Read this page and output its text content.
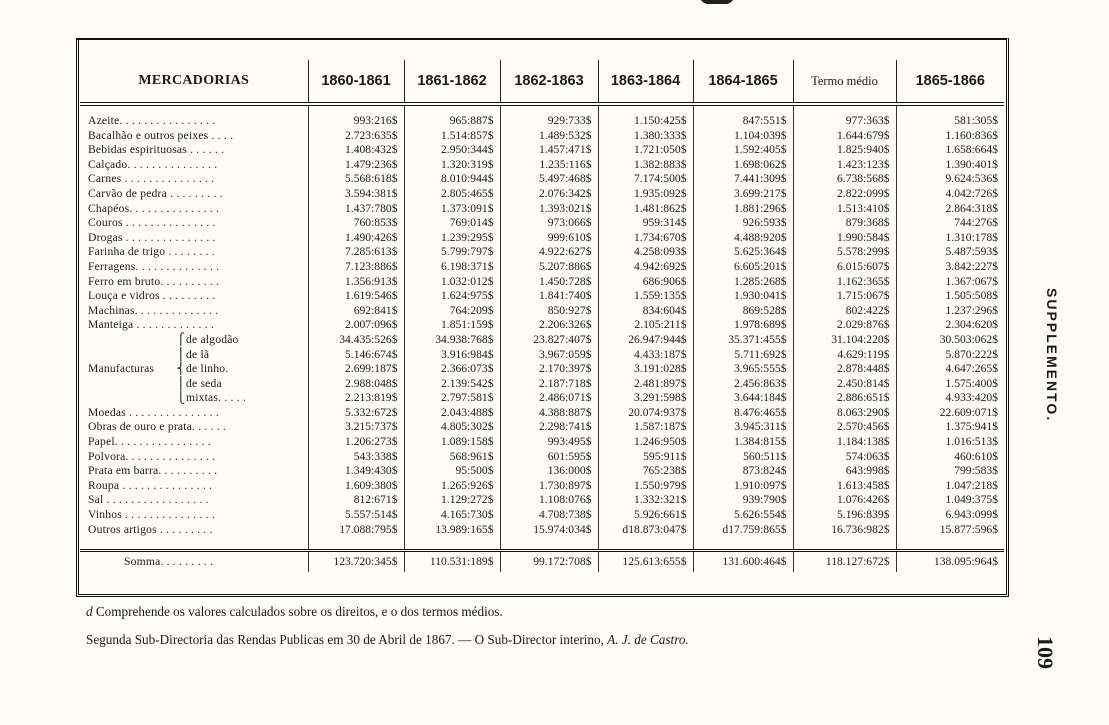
MERCADORIAS	1860-1861	1861-1862	1862-1863	1863-1864	1864-1865	Termo médio	1865-1866

Azeite. . . . . . . . . . . . . . . .	993:216$	965:887$	929:733$	1.150:425$	847:551$	977:363$	581:305$
Bacalhão e outros peixes . . . .	2.723:635$	1.514:857$	1.489:532$	1.380:333$	1.104:039$	1.644:679$	1.160:836$
Bebidas espirituosas . . . . . .	1.408:432$	2.950:344$	1.457:471$	1.721:050$	1.592:405$	1.825:940$	1.658:664$
Calçado. . . . . . . . . . . . . . .	1.479:236$	1.320:319$	1.235:116$	1.382:883$	1.698:062$	1.423:123$	1.390:401$
Carnes . . . . . . . . . . . . . . .	5.568:618$	8.010:944$	5.497:468$	7.174:500$	7.441:309$	6.738:568$	9.624:536$
Carvão de pedra . . . . . . . . .	3.594:381$	2.805:465$	2.076:342$	1.935:092$	3.699:217$	2.822:099$	4.042:726$
Chapéos. . . . . . . . . . . . . . .	1.437:780$	1.373:091$	1.393:021$	1.481:862$	1.881:296$	1.513:410$	2.864:318$
Couros . . . . . . . . . . . . . . .	760:853$	769:014$	973:066$	959:314$	926:593$	879:368$	744:276$
Drogas . . . . . . . . . . . . . . .	1.490:426$	1.239:295$	999:610$	1.734:670$	4.488:920$	1.990:584$	1.310:178$
Farinha de trigo . . . . . . . .	7.285:613$	5.799:797$	4.922:627$	4.258:093$	5.625:364$	5.578:299$	5.487:593$
Ferragens. . . . . . . . . . . . . .	7.123:886$	6.198:371$	5.207:886$	4.942:692$	6.605:201$	6.015:607$	3.842:227$
Ferro em bruto. . . . . . . . . .	1.356:913$	1.032:012$	1.450:728$	686:906$	1.285:268$	1.162:365$	1.367:067$
Louça e vidros . . . . . . . . .	1.619:546$	1.624:975$	1.841:740$	1.559:135$	1.930:041$	1.715:067$	1.505:508$
Machinas. . . . . . . . . . . . . .	692:841$	764:209$	850:927$	834:604$	869:528$	802:422$	1.237:296$
Manteiga . . . . . . . . . . . . .	2.007:096$	1.851:159$	2.206:326$	2.105:211$	1.978:689$	2.029:876$	2.304:620$
⎧de algodão	34.435:526$	34.938:768$	23.827:407$	26.947:944$	35.371:455$	31.104:220$	30.503:062$
⎪de lã	5.146:674$	3.916:984$	3.967:059$	4.433:187$	5.711:692$	4.629:119$	5.870:222$
Manufacturas ⎨de linho.	2.699:187$	2.366:073$	2.170:397$	3.191:028$	3.965:555$	2.878:448$	4.647:265$
⎪de seda	2.988:048$	2.139:542$	2.187:718$	2.481:897$	2.456:863$	2.450:814$	1.575:400$
⎩mixtas. . . . .	2.213:819$	2.797:581$	2.486:071$	3.291:598$	3.644:184$	2.886:651$	4.933:420$
Moedas . . . . . . . . . . . . . . .	5.332:672$	2.043:488$	4.388:887$	20.074:937$	8.476:465$	8.063:290$	22.609:071$
Obras de ouro e prata. . . . . .	3.215:737$	4.805:302$	2.298:741$	1.587:187$	3.945:311$	2.570:456$	1.375:941$
Papel. . . . . . . . . . . . . . . .	1.206:273$	1.089:158$	993:495$	1.246:950$	1.384:815$	1.184:138$	1.016:513$
Polvora. . . . . . . . . . . . . . .	543:338$	568:961$	601:595$	595:911$	560:511$	574:063$	460:610$
Prata em barra. . . . . . . . . .	1.349:430$	95:500$	136:000$	765:238$	873:824$	643:998$	799:583$
Roupa . . . . . . . . . . . . . . .	1.609:380$	1.265:926$	1.730:897$	1.550:979$	1.910:097$	1.613:458$	1.047:218$
Sal . . . . . . . . . . . . . . . . .	812:671$	1.129:272$	1.108:076$	1.332:321$	939:790$	1.076:426$	1.049:375$
Vinhos . . . . . . . . . . . . . . .	5.557:514$	4.165:730$	4.708:738$	5.926:661$	5.626:554$	5.196:839$	6.943:099$
Outros artigos . . . . . . . . .	17.088:795$	13.989:165$	15.974:034$	d18.873:047$	d17.759:865$	16.736:982$	15.877:596$

Somma. . . . . . . . .	123.720:345$	110.531:189$	99.172:708$	125.613:655$	131.600:464$	118.127:672$	138.095:964$
SUPPLEMENTO.
109
d Comprehende os valores calculados sobre os direitos, e o dos termos médios.
Segunda Sub-Directoria das Rendas Publicas em 30 de Abril de 1867. — O Sub-Director interino, A. J. de Castro.
